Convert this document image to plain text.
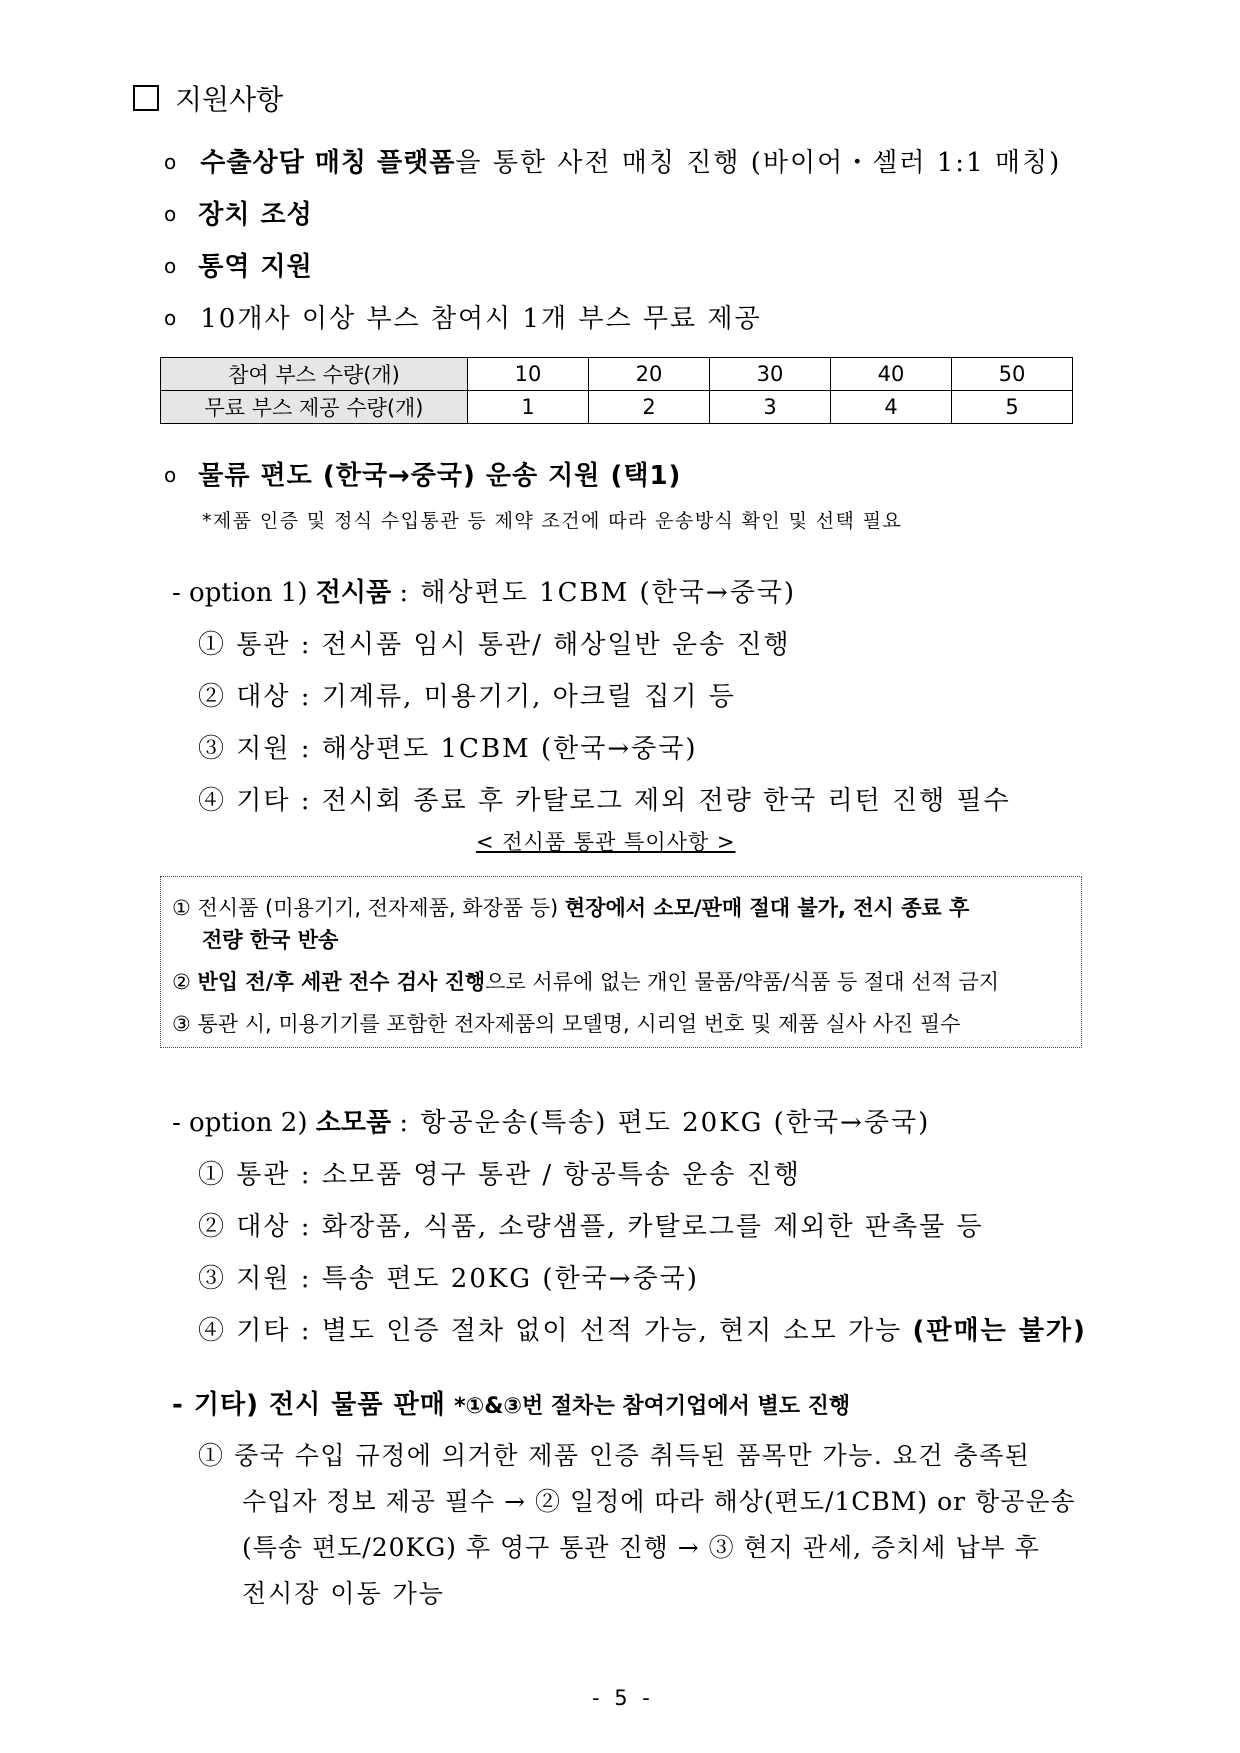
지원사항
o 수출상담 매칭 플랫폼을 통한 사전 매칭 진행 (바이어・셀러 1:1 매칭)
o 장치 조성
o 통역 지원
o 10개사 이상 부스 참여시 1개 부스 무료 제공
참여 부스 수량(개)	10	20	30	40	50
무료 부스 제공 수량(개)	1	2	3	4	5
o 물류 편도 (한국→중국) 운송 지원 (택1)
*제품 인증 및 정식 수입통관 등 제약 조건에 따라 운송방식 확인 및 선택 필요
- option 1) 전시품 : 해상편도 1CBM (한국→중국)
① 통관 : 전시품 임시 통관/ 해상일반 운송 진행
② 대상 : 기계류, 미용기기, 아크릴 집기 등
③ 지원 : 해상편도 1CBM (한국→중국)
④ 기타 : 전시회 종료 후 카탈로그 제외 전량 한국 리턴 진행 필수
< 전시품 통관 특이사항 >
① 전시품 (미용기기, 전자제품, 화장품 등) 현장에서 소모/판매 절대 불가, 전시 종료 후
전량 한국 반송
② 반입 전/후 세관 전수 검사 진행으로 서류에 없는 개인 물품/약품/식품 등 절대 선적 금지
③ 통관 시, 미용기기를 포함한 전자제품의 모델명, 시리얼 번호 및 제품 실사 사진 필수
- option 2) 소모품 : 항공운송(특송) 편도 20KG (한국→중국)
① 통관 : 소모품 영구 통관 / 항공특송 운송 진행
② 대상 : 화장품, 식품, 소량샘플, 카탈로그를 제외한 판촉물 등
③ 지원 : 특송 편도 20KG (한국→중국)
④ 기타 : 별도 인증 절차 없이 선적 가능, 현지 소모 가능 (판매는 불가)
- 기타) 전시 물품 판매 *①&③번 절차는 참여기업에서 별도 진행
① 중국 수입 규정에 의거한 제품 인증 취득된 품목만 가능. 요건 충족된
수입자 정보 제공 필수 → ② 일정에 따라 해상(편도/1CBM) or 항공운송
(특송 편도/20KG) 후 영구 통관 진행 → ③ 현지 관세, 증치세 납부 후
전시장 이동 가능
- 5 -
